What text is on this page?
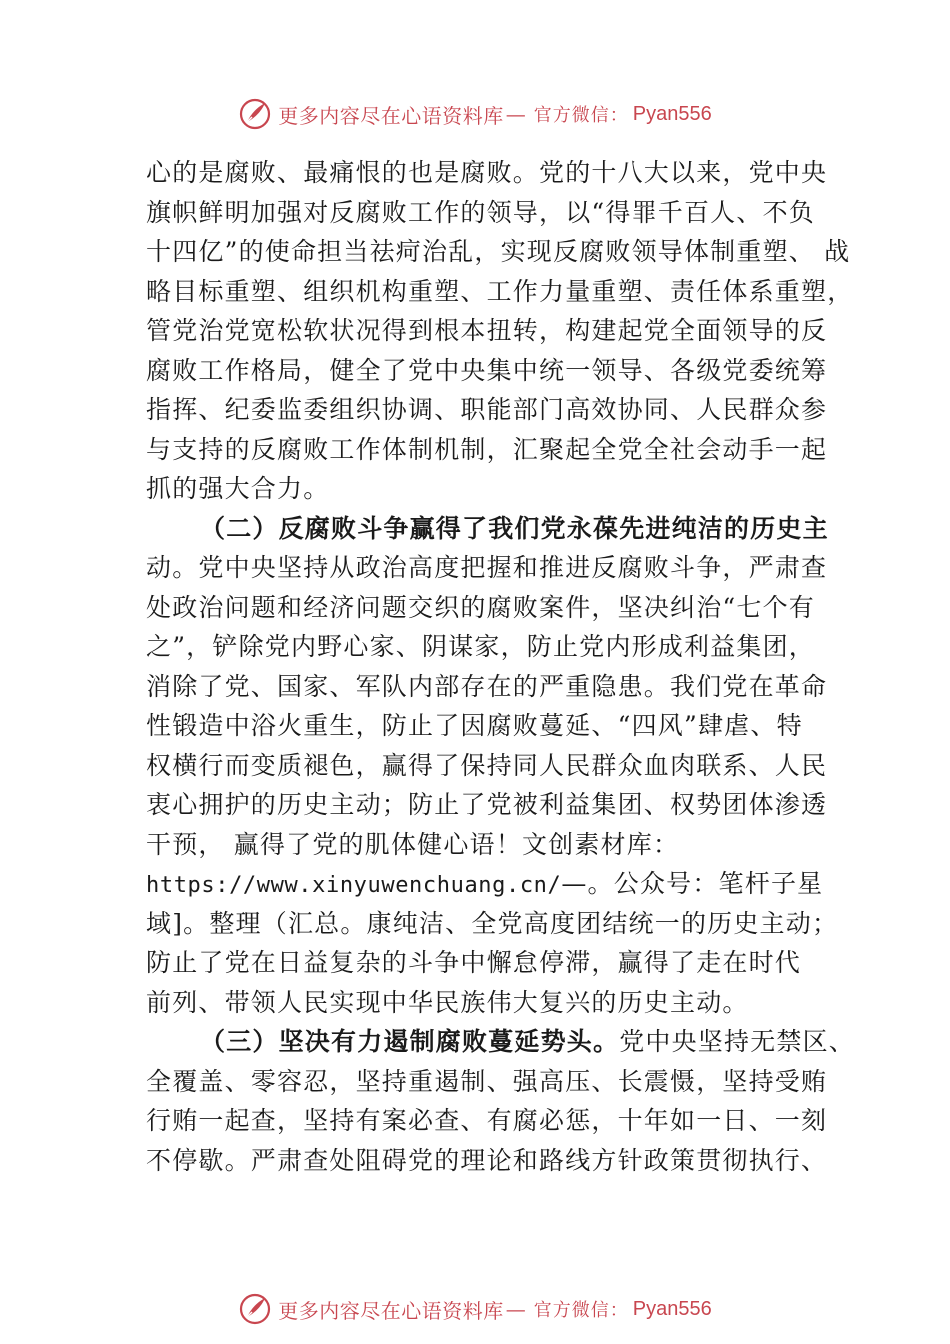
更多内容尽在心语资料库 — 官方微信： Pyan556
心的是腐败、最痛恨的也是腐败。党的十八大以来，党中央
旗帜鲜明加强对反腐败工作的领导，以“得罪千百人、不负
十四亿”的使命担当祛疴治乱，实现反腐败领导体制重塑、 战
略目标重塑、组织机构重塑、工作力量重塑、责任体系重塑，
管党治党宽松软状况得到根本扭转，构建起党全面领导的反
腐败工作格局，健全了党中央集中统一领导、各级党委统筹
指挥、纪委监委组织协调、职能部门高效协同、人民群众参
与支持的反腐败工作体制机制，汇聚起全党全社会动手一起
抓的强大合力。
（二）反腐败斗争赢得了我们党永葆先进纯洁的历史主
动。党中央坚持从政治高度把握和推进反腐败斗争，严肃查
处政治问题和经济问题交织的腐败案件，坚决纠治“七个有
之”，铲除党内野心家、阴谋家，防止党内形成利益集团，
消除了党、国家、军队内部存在的严重隐患。我们党在革命
性锻造中浴火重生，防止了因腐败蔓延、“四风”肆虐、特
权横行而变质褪色，赢得了保持同人民群众血肉联系、人民
衷心拥护的历史主动；防止了党被利益集团、权势团体渗透
干预， 赢得了党的肌体健心语！文创素材库：
https://www.xinyuwenchuang.cn/—。公众号：笔杆子星
域]。整理（汇总。康纯洁、全党高度团结统一的历史主动；
防止了党在日益复杂的斗争中懈怠停滞，赢得了走在时代
前列、带领人民实现中华民族伟大复兴的历史主动。
（三）坚决有力遏制腐败蔓延势头。党中央坚持无禁区、
全覆盖、零容忍，坚持重遏制、强高压、长震慑，坚持受贿
行贿一起查，坚持有案必查、有腐必惩，十年如一日、一刻
不停歇。严肃查处阻碍党的理论和路线方针政策贯彻执行、
更多内容尽在心语资料库 — 官方微信： Pyan556
